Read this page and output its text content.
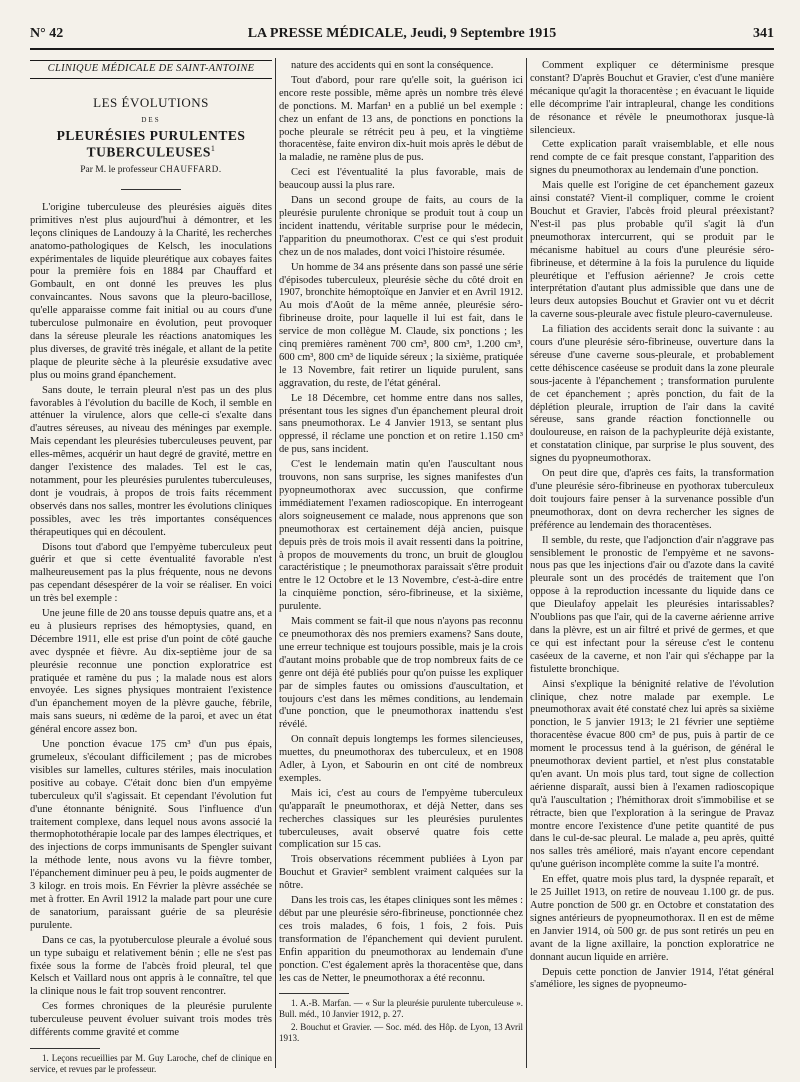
N° 42	LA PRESSE MÉDICALE, Jeudi, 9 Septembre 1915	341
CLINIQUE MÉDICALE DE SAINT-ANTOINE
LES ÉVOLUTIONS
DES
PLEURÉSIES PURULENTES TUBERCULEUSES$^1$
Par M. le professeur CHAUFFARD.

L'origine tuberculeuse des pleurésies aiguës dites primitives n'est plus aujourd'hui à démontrer, et les leçons cliniques de Landouzy à la Charité, les recherches anatomo-pathologiques de Kelsch, les inoculations expérimentales de liquide pleurétique aux cobayes faites pour la première fois en 1884 par Chauffard et Gombault, en ont donné les preuves les plus convaincantes. Nous savons que la pleuro-bacillose, qu'elle apparaisse comme fait initial ou au cours d'une tuberculose pulmonaire en évolution, peut provoquer dans la séreuse pleurale les réactions anatomiques les plus diverses, de gravité très inégale, et allant de la petite plaque de pleurite sèche à la pleurésie exsudative avec plus ou moins grand épanchement.

Sans doute, le terrain pleural n'est pas un des plus favorables à l'évolution du bacille de Koch, il semble en atténuer la virulence, alors que celle-ci s'exalte dans d'autres séreuses, au niveau des méninges par exemple. Mais cependant les pleurésies tuberculeuses peuvent, par elles-mêmes, acquérir un haut degré de gravité, mettre en danger l'existence des malades. Tel est le cas, notamment, pour les pleurésies purulentes tuberculeuses, dont je voudrais, à propos de trois faits récemment observés dans nos salles, montrer les évolutions cliniques possibles, avec les très importantes conséquences thérapeutiques qui en découlent.

Disons tout d'abord que l'empyème tuberculeux peut guérir et que si cette éventualité favorable n'est malheureusement pas la plus fréquente, nous ne devons pas cependant désespérer de la voir se réaliser. En voici un très bel exemple :

Une jeune fille de 20 ans tousse depuis quatre ans, et a eu à plusieurs reprises des hémoptysies, quand, en Décembre 1911, elle est prise d'un point de côté gauche avec dyspnée et fièvre. Au dix-septième jour de sa pleurésie reconnue une ponction exploratrice est pratiquée et ramène du pus ; la malade nous est alors envoyée. Les signes physiques montraient l'existence d'un épanchement moyen de la plèvre gauche, fébrile, mais sans sueurs, ni œdème de la paroi, et avec un état général encore assez bon.

Une ponction évacue 175 cm³ d'un pus épais, grumeleux, s'écoulant difficilement ; pas de microbes visibles sur lamelles, cultures stériles, mais inoculation positive au cobaye. C'était donc bien d'un empyème tuberculeux qu'il s'agissait. Et cependant l'évolution fut d'une étonnante bénignité. Sous l'influence d'un traitement complexe, dans lequel nous avons associé la thermophotothérapie locale par des lampes électriques, et des injections de corps immunisants de Spengler suivant la méthode lente, nous avons vu la fièvre tomber, l'épanchement diminuer peu à peu, le poids augmenter de 3 kilogr. en trois mois. En Février la plèvre asséchée se met à frotter. En Avril 1912 la malade part pour une cure de sanatorium, paraissant guérie de sa pleurésie purulente.

Dans ce cas, la pyotuberculose pleurale a évolué sous un type subaigu et relativement bénin ; elle ne s'est pas fixée sous la forme de l'abcès froid pleural, tel que Kelsch et Vaillard nous ont appris à le connaître, tel que la clinique nous le fait trop souvent rencontrer.

Ces formes chroniques de la pleurésie purulente tuberculeuse peuvent évoluer suivant trois modes très différents comme gravité et comme

1. Leçons recueillies par M. Guy Laroche, chef de clinique en service, et revues par le professeur.

nature des accidents qui en sont la conséquence.

Tout d'abord, pour rare qu'elle soit, la guérison ici encore reste possible, même après un nombre très élevé de ponctions. M. Marfan¹ en a publié un bel exemple : chez un enfant de 13 ans, de ponctions en ponctions la poche pleurale se rétrécit peu à peu, et la vingtième thoracentèse, faite environ dix-huit mois après le début de la maladie, ne ramène plus de pus.

Ceci est l'éventualité la plus favorable, mais de beaucoup aussi la plus rare.

Dans un second groupe de faits, au cours de la pleurésie purulente chronique se produit tout à coup un incident inattendu, véritable surprise pour le médecin, l'apparition du pneumothorax. C'est ce qui s'est produit chez un de nos malades, dont voici l'histoire résumée.

Un homme de 34 ans présente dans son passé une série d'épisodes tuberculeux, pleurésie sèche du côté droit en 1907, bronchite hémoptoïque en Janvier et en Avril 1912. Au mois d'Août de la même année, pleurésie séro-fibrineuse droite, pour laquelle il lui est fait, dans le service de mon collègue M. Claude, six ponctions ; les cinq premières ramènent 700 cm³, 800 cm³, 1.200 cm³, 600 cm³, 800 cm³ de liquide séreux ; la sixième, pratiquée le 13 Novembre, fait retirer un liquide purulent, sans aggravation, du reste, de l'état général.

Le 18 Décembre, cet homme entre dans nos salles, présentant tous les signes d'un épanchement pleural droit sans pneumothorax. Le 4 Janvier 1913, se sentant plus oppressé, il réclame une ponction et on retire 1.150 cm³ de pus, sans incident.

C'est le lendemain matin qu'en l'auscultant nous trouvons, non sans surprise, les signes manifestes d'un pyopneumothorax avec succussion, que confirme immédiatement l'examen radioscopique. En interrogeant alors soigneusement ce malade, nous apprenons que son pneumothorax est certainement déjà ancien, puisque depuis près de trois mois il avait ressenti dans la poitrine, à propos de mouvements du tronc, un bruit de glouglou caractéristique ; le pneumothorax paraissait s'être produit entre le 12 Octobre et le 13 Novembre, c'est-à-dire entre la cinquième ponction, séro-fibrineuse, et la sixième, purulente.

Mais comment se fait-il que nous n'ayons pas reconnu ce pneumothorax dès nos premiers examens? Sans doute, une erreur technique est toujours possible, mais je la crois d'autant moins probable que de trop nombreux faits de ce genre ont déjà été publiés pour qu'on puisse les expliquer par de simples fautes ou omissions d'auscultation, et toujours c'est dans les mêmes conditions, au lendemain d'une ponction, que le pneumothorax inattendu s'est révélé.

On connaît depuis longtemps les formes silencieuses, muettes, du pneumothorax des tuberculeux, et en 1908 Adler, à Lyon, et Sabourin en ont cité de nombreux exemples.

Mais ici, c'est au cours de l'empyème tuberculeux qu'apparaît le pneumothorax, et déjà Netter, dans ses recherches classiques sur les pleurésies purulentes tuberculeuses, avait observé quatre fois cette complication sur 15 cas.

Trois observations récemment publiées à Lyon par Bouchut et Gravier² semblent vraiment calquées sur la nôtre.

Dans les trois cas, les étapes cliniques sont les mêmes : début par une pleurésie séro-fibrineuse, ponctionnée chez ces trois malades, 6 fois, 1 fois, 2 fois. Puis transformation de l'épanchement qui devient purulent. Enfin apparition du pneumothorax au lendemain d'une ponction. C'est également après la thoracentèse que, dans les cas de Netter, le pneumothorax a été reconnu.

1. A.-B. Marfan. — « Sur la pleurésie purulente tuberculeuse ». Bull. méd., 10 Janvier 1912, p. 27.

2. Bouchut et Gravier. — Soc. méd. des Hôp. de Lyon, 13 Avril 1913.

Comment expliquer ce déterminisme presque constant? D'après Bouchut et Gravier, c'est d'une manière mécanique qu'agit la thoracentèse ; en évacuant le liquide elle décomprime l'air intrapleural, change les conditions de résonance et révèle le pneumothorax jusque-là silencieux.

Cette explication paraît vraisemblable, et elle nous rend compte de ce fait presque constant, l'apparition des signes du pneumothorax au lendemain d'une ponction.

Mais quelle est l'origine de cet épanchement gazeux ainsi constaté? Vient-il compliquer, comme le croient Bouchut et Gravier, l'abcès froid pleural préexistant? N'est-il pas plus probable qu'il s'agit là d'un pneumothorax intercurrent, qui se produit par le mécanisme habituel au cours d'une pleurésie séro-fibrineuse, et détermine à la fois la purulence du liquide pleurétique et l'effusion aérienne? Je crois cette interprétation d'autant plus admissible que dans une de leurs deux autopsies Bouchut et Gravier ont vu et décrit la caverne sous-pleurale avec fistule pleuro-cavernuleuse.

La filiation des accidents serait donc la suivante : au cours d'une pleurésie séro-fibrineuse, ouverture dans la séreuse d'une caverne sous-pleurale, et probablement cette déhiscence caséeuse se produit dans la zone pleurale sous-jacente à l'épanchement ; transformation purulente de cet épanchement ; après ponction, du fait de la déplétion pleurale, irruption de l'air dans la cavité séreuse, sans grande réaction fonctionnelle ou douloureuse, en raison de la pachypleurite déjà existante, et constatation clinique, par surprise le plus souvent, des signes du pyopneumothorax.

On peut dire que, d'après ces faits, la transformation d'une pleurésie séro-fibrineuse en pyothorax tuberculeux doit toujours faire penser à la survenance possible d'un pneumothorax, dont on devra rechercher les signes de préférence au lendemain des thoracentèses.

Il semble, du reste, que l'adjonction d'air n'aggrave pas sensiblement le pronostic de l'empyème et ne savons-nous pas que les injections d'air ou d'azote dans la cavité pleurale sont un des procédés de traitement que l'on oppose à la reproduction incessante du liquide dans ce que Dieulafoy appelait les pleurésies intarissables? N'oublions pas que l'air, qui de la caverne aérienne arrive dans la plèvre, est un air filtré et privé de germes, et que ce qui est infectant pour la séreuse c'est le contenu caséeux de la caverne, et non l'air qui s'échappe par la fistulette bronchique.

Ainsi s'explique la bénignité relative de l'évolution clinique, chez notre malade par exemple. Le pneumothorax avait été constaté chez lui après sa sixième ponction, le 5 janvier 1913; le 21 février une septième thoracentèse évacue 800 cm³ de pus, puis à partir de ce moment le processus tend à la guérison, de général le pneumothorax devient partiel, et n'est plus constatable qu'en avant. Un mois plus tard, tout signe de collection aérienne disparaît, aussi bien à l'examen radioscopique qu'à l'auscultation ; l'hémithorax droit s'immobilise et se rétracte, bien que l'exploration à la seringue de Pravaz montre encore l'existence d'une petite quantité de pus dans le cul-de-sac pleural. Le malade a, peu après, quitté nos salles très amélioré, mais n'ayant encore cependant qu'une guérison incomplète comme la suite l'a montré.

En effet, quatre mois plus tard, la dyspnée reparaît, et le 25 Juillet 1913, on retire de nouveau 1.100 gr. de pus. Autre ponction de 500 gr. en Octobre et constatation des signes antérieurs de pyopneumothorax. Il en est de même en Janvier 1914, où 500 gr. de pus sont retirés un peu en avant de la ligne axillaire, la ponction exploratrice ne donnant aucun liquide en arrière.

Depuis cette ponction de Janvier 1914, l'état général s'améliore, les signes de pyopneumo-
